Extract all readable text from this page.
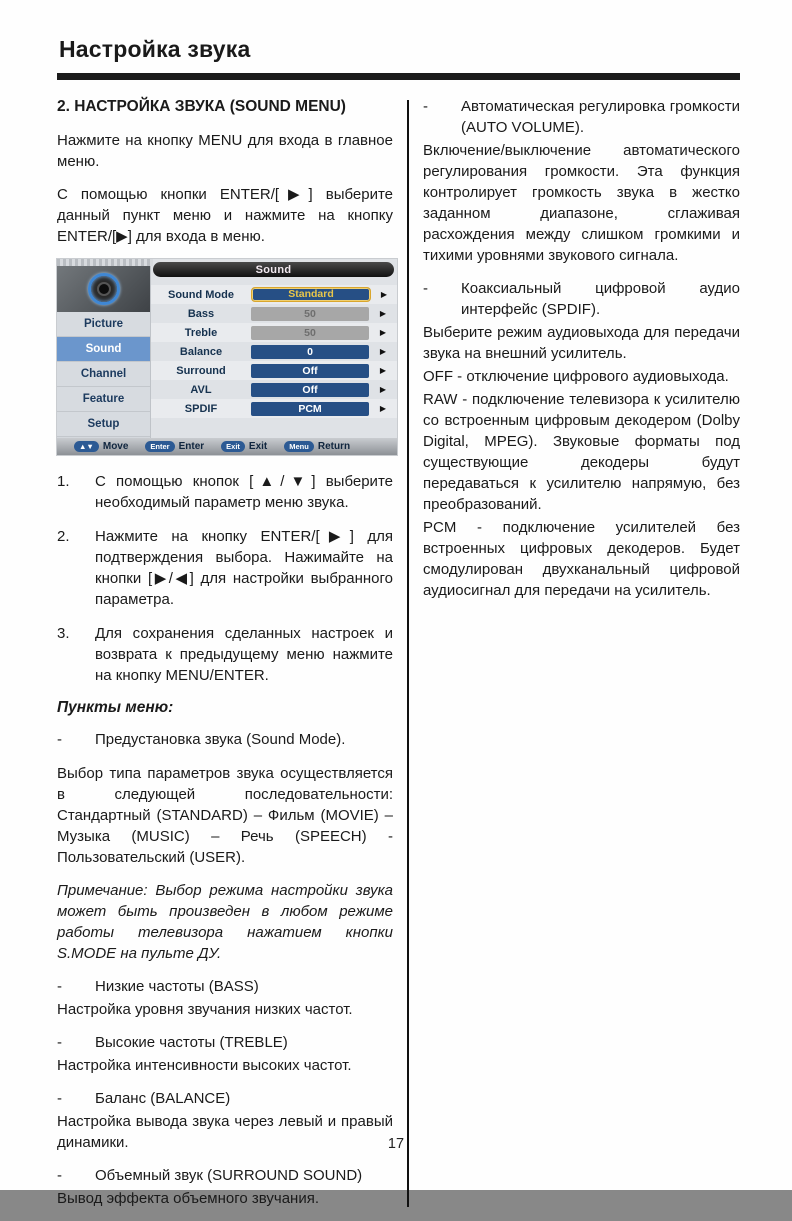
Настройка звука
2. НАСТРОЙКА ЗВУКА (SOUND MENU)

Нажмите на кнопку MENU для входа в главное меню.

С помощью кнопки ENTER/[▶] выберите данный пункт меню и нажмите на кнопку ENTER/[▶] для входа в меню.

Picture
Sound
Channel
Feature
Setup
Sound
Sound Mode	Standard	▶
Bass	50	▶
Treble	50	▶
Balance	0	▶
Surround	Off	▶
AVL	Off	▶
SPDIF	PCM	▶
▲▼ Move	Enter Enter	Exit Exit	Menu Return
1.	С помощью кнопок [▲/▼] выберите необходимый параметр меню звука.
2.	Нажмите на кнопку ENTER/[▶] для подтверждения выбора. Нажимайте на кнопки [▶/◀] для настройки выбранного параметра.
3.	Для сохранения сделанных настроек и возврата к предыдущему меню нажмите на кнопку MENU/ENTER.
Пункты меню:
-	Предустановка звука (Sound Mode).

Выбор типа параметров звука осуществляется в следующей последовательности: Стандартный (STANDARD) – Фильм (MOVIE) – Музыка (MUSIC) – Речь (SPEECH) - Пользовательский (USER).

Примечание: Выбор режима настройки звука может быть произведен в любом режиме работы телевизора нажатием кнопки S.MODE на пульте ДУ.

-	Низкие частоты (BASS)

Настройка уровня звучания низких частот.

-	Высокие частоты (TREBLE)

Настройка интенсивности высоких частот.

-	Баланс (BALANCE)

Настройка вывода звука через левый и правый динамики.

-	Объемный звук (SURROUND SOUND)

Вывод эффекта объемного звучания.

-	Автоматическая регулировка громкости (AUTO VOLUME).

Включение/выключение автоматического регулирования громкости. Эта функция контролирует громкость звука в жестко заданном диапазоне, сглаживая расхождения между слишком громкими и тихими уровнями звукового сигнала.

-	Коаксиальный цифровой аудио интерфейс (SPDIF).

Выберите режим аудиовыхода для передачи звука на внешний усилитель.

OFF - отключение цифрового аудиовыхода.

RAW - подключение телевизора к усилителю со встроенным цифровым декодером (Dolby Digital, MPEG). Звуковые форматы под существующие декодеры будут передаваться к усилителю напрямую, без преобразований.

PCM - подключение усилителей без встроенных цифровых декодеров. Будет смодулирован двухканальный цифровой аудиосигнал для передачи на усилитель.

17
